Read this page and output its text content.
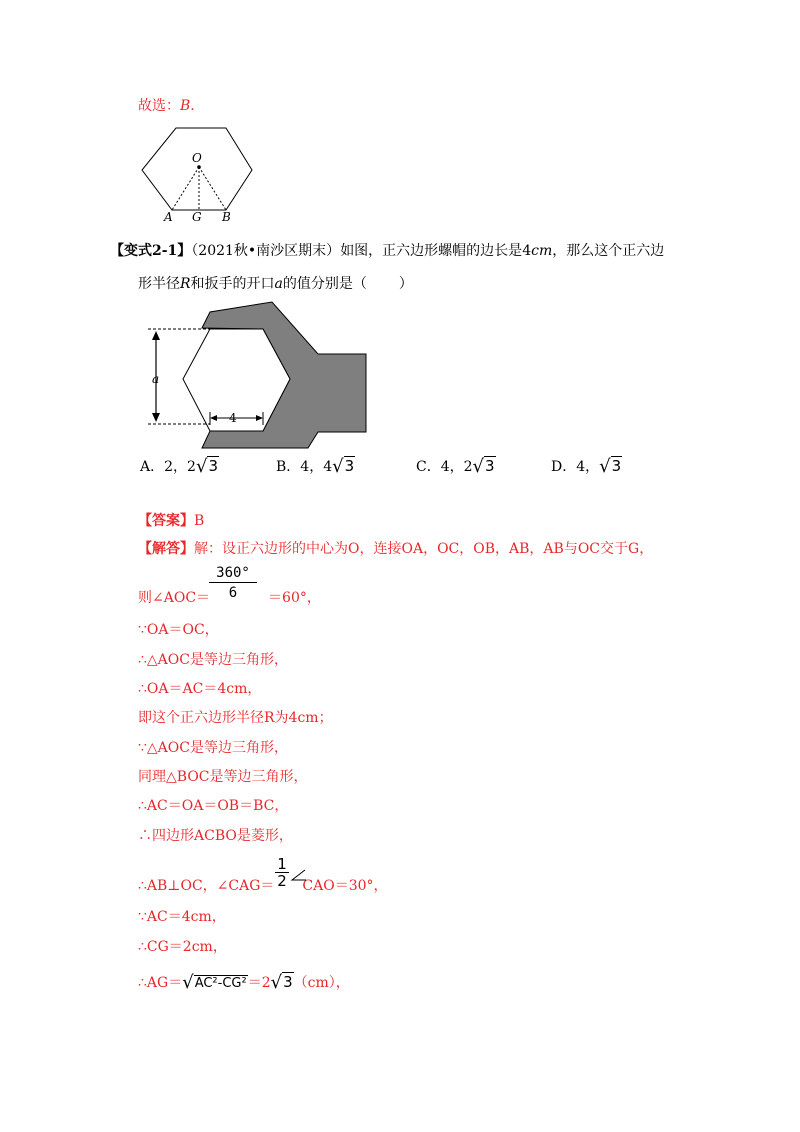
故选：B.
O
A G B
【变式2-1】（2021秋•南沙区期末）如图，正六边形螺帽的边长是4cm，那么这个正六边
形半径R和扳手的开口a的值分别是（ ）
a
4
A．2，2√3	B．4，4√3	C．4，2√3	D．4，√3
【答案】B
【解答】解：设正六边形的中心为O，连接OA，OC，OB，AB，AB与OC交于G，
360°
6
则∠AOC＝	＝60°，
∵OA＝OC，
∴△AOC是等边三角形，
∴OA＝AC＝4cm，
即这个正六边形半径R为4cm；
∵△AOC是等边三角形，
同理△BOC是等边三角形，
∴AC＝OA＝OB＝BC，
∴四边形ACBO是菱形，
∴AB⊥OC，∠CAG＝ CAO＝30°，
1
2
∵AC＝4cm，
∴CG＝2cm，
∴AG＝√AC²-CG²＝2√3（cm），
